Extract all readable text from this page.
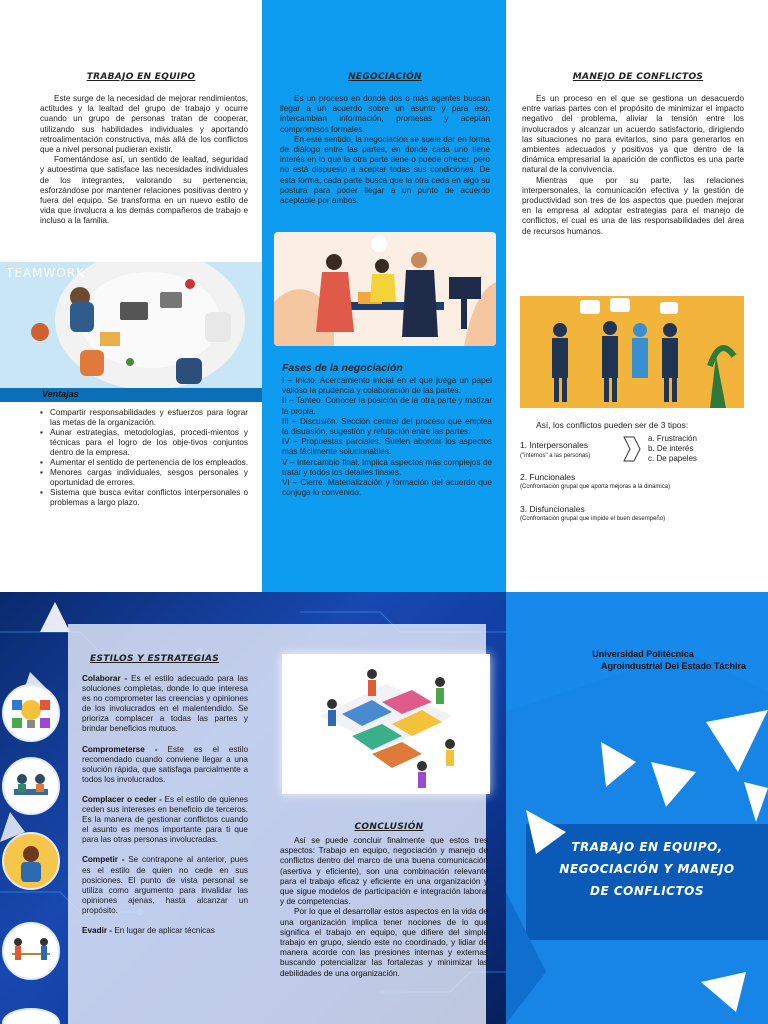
TRABAJO EN EQUIPO

Este surge de la necesidad de mejorar rendimientos, actitudes y la lealtad del grupo de trabajo y ocurre cuando un grupo de personas tratan de cooperar, utilizando sus habilidades individuales y aportando retroalimentación constructiva, más allá de los conflictos que a nivel personal pudieran existir.

Fomentándose así, un sentido de lealtad, seguridad y autoestima que satisface las necesidades individuales de los integrantes, valorando su pertenencia, esforzándose por mantener relaciones positivas dentro y fuera del equipo. Se transforma en un nuevo estilo de vida que involucra a los demás compañeros de trabajo e incluso a la familia.

TEAMWORK
Ventajas
▪ Compartir responsabilidades y esfuerzos para lograr las metas de la organización.
▪ Aunar estrategias, metodologías, procedi-mientos y técnicas para el logro de los obje-tivos conjuntos dentro de la empresa.
▪ Aumentar el sentido de pertenencia de los empleados.
▪ Menores cargas individuales, sesgos personales y oportunidad de errores.
▪ Sistema que busca evitar conflictos interpersonales o problemas a largo plazo.
NEGOCIACIÓN

Es un proceso en donde dos o más agentes buscan llegar a un acuerdo sobre un asunto y para eso, intercambian información, promesas y aceptan compromisos formales.

En este sentido, la negociación se suele dar en forma de diálogo entre las partes, en donde cada uno tiene interés en lo que la otra parte tiene o puede ofrecer, pero no está dispuesto a aceptar todas sus condiciones. De esta forma, cada parte busca que la otra ceda en algo su postura para poder llegar a un punto de acuerdo aceptable por ambos.

Fases de la negociación
I – Inicio. Acercamiento inicial en el que juega un papel valioso la prudencia y colaboración de las partes.
II – Tanteo. Conocer la posición de la otra parte y matizar la propia.
III – Discusión. Sección central del proceso que emplea la disuasión, sugestión y refutación entre las partes.
IV – Propuestas parciales. Suelen abordar los aspectos más fácilmente solucionables.
V – Intercambio final. Implica aspectos más complejos de tratar y todos los detalles finales.
VI – Cierre. Materialización y formación del acuerdo que conjuga lo convenido.
MANEJO DE CONFLICTOS

Es un proceso en el que se gestiona un desacuerdo entre varias partes con el propósito de minimizar el impacto negativo del problema, aliviar la tensión entre los involucrados y alcanzar un acuerdo satisfactorio, dirigiendo las situaciones no para evitarlos, sino para generarlos en ambientes adecuados y positivos ya que dentro de la dinámica empresarial la aparición de conflictos es una parte natural de la convivencia.

Mientras que por su parte, las relaciones interpersonales, la comunicación efectiva y la gestión de productividad son tres de los aspectos que pueden mejorar en la empresa al adoptar estrategias para el manejo de conflictos, el cual es una de las responsabilidades del área de recursos humanos.

Así, los conflictos pueden ser de 3 tipos:
1. Interpersonales
("internos" a las personas)
a. Frustración
b. De interés
c. De papeles
2. Funcionales
(Confrontación grupal que aporta mejoras a la dinámica)
3. Disfuncionales
(Confrontación grupal que impide el buen desempeño)
ESTILOS Y ESTRATEGIAS
Colaborar - Es el estilo adecuado para las soluciones completas, donde lo que interesa es no comprometer las creencias y opiniones de los involucrados en el malentendido. Se prioriza complacer a todas las partes y brindar beneficios mutuos.
Comprometerse - Este es el estilo recomendado cuando conviene llegar a una solución rápida, que satisfaga parcialmente a todos los involucrados.
Complacer o ceder - Es el estilo de quienes ceden sus intereses en beneficio de terceros. Es la manera de gestionar conflictos cuando el asunto es menos importante para ti que para las otras personas involucradas.
Competir - Se contrapone al anterior, pues es el estilo de quien no cede en sus posiciones. El punto de vista personal se utiliza como argumento para invalidar las opiniones ajenas, hasta alcanzar un propósito.
Evadir - En lugar de aplicar técnicas
CONCLUSIÓN

Así se puede concluir finalmente que estos tres aspectos: Trabajo en equipo, negociación y manejo de conflictos dentro del marco de una buena comunicación (asertiva y eficiente), son una combinación relevante para el trabajo eficaz y eficiente en una organización y que sigue modelos de participación e integración laboral y de competencias.

Por lo que el desarrollar estos aspectos en la vida de una organización implica tener nociones de lo que significa el trabajo en equipo, que difiere del simple trabajo en grupo, siendo este no coordinado, y lidiar de manera acorde con las presiones internas y externas buscando potencializar las fortalezas y minimizar las debilidades de una organización.

Universidad Politécnica
Agroindustrial Del Estado Táchira
TRABAJO EN EQUIPO,
NEGOCIACIÓN Y MANEJO
DE CONFLICTOS
